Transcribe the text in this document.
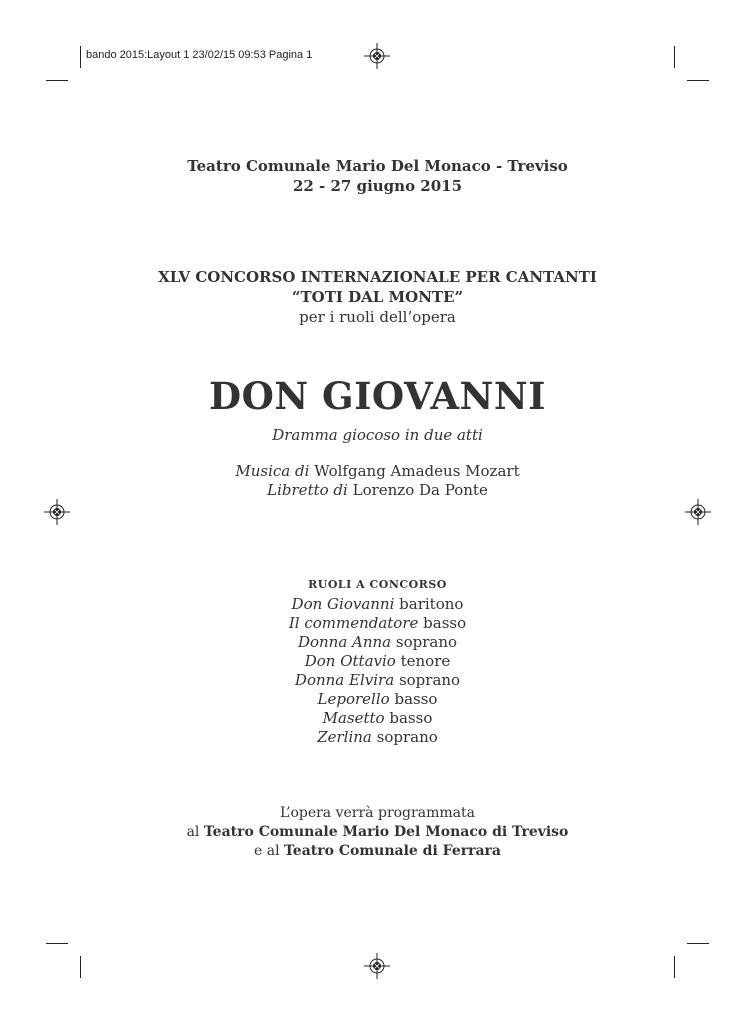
bando 2015:Layout 1 23/02/15 09:53 Pagina 1
Teatro Comunale Mario Del Monaco - Treviso
22 - 27 giugno 2015
XLV CONCORSO INTERNAZIONALE PER CANTANTI
“TOTI DAL MONTE”
per i ruoli dell’opera
DON GIOVANNI
Dramma giocoso in due atti
Musica di Wolfgang Amadeus Mozart
Libretto di Lorenzo Da Ponte
RUOLI A CONCORSO
Don Giovanni baritono
Il commendatore basso
Donna Anna soprano
Don Ottavio tenore
Donna Elvira soprano
Leporello basso
Masetto basso
Zerlina soprano
L’opera verrà programmata
al Teatro Comunale Mario Del Monaco di Treviso
e al Teatro Comunale di Ferrara
